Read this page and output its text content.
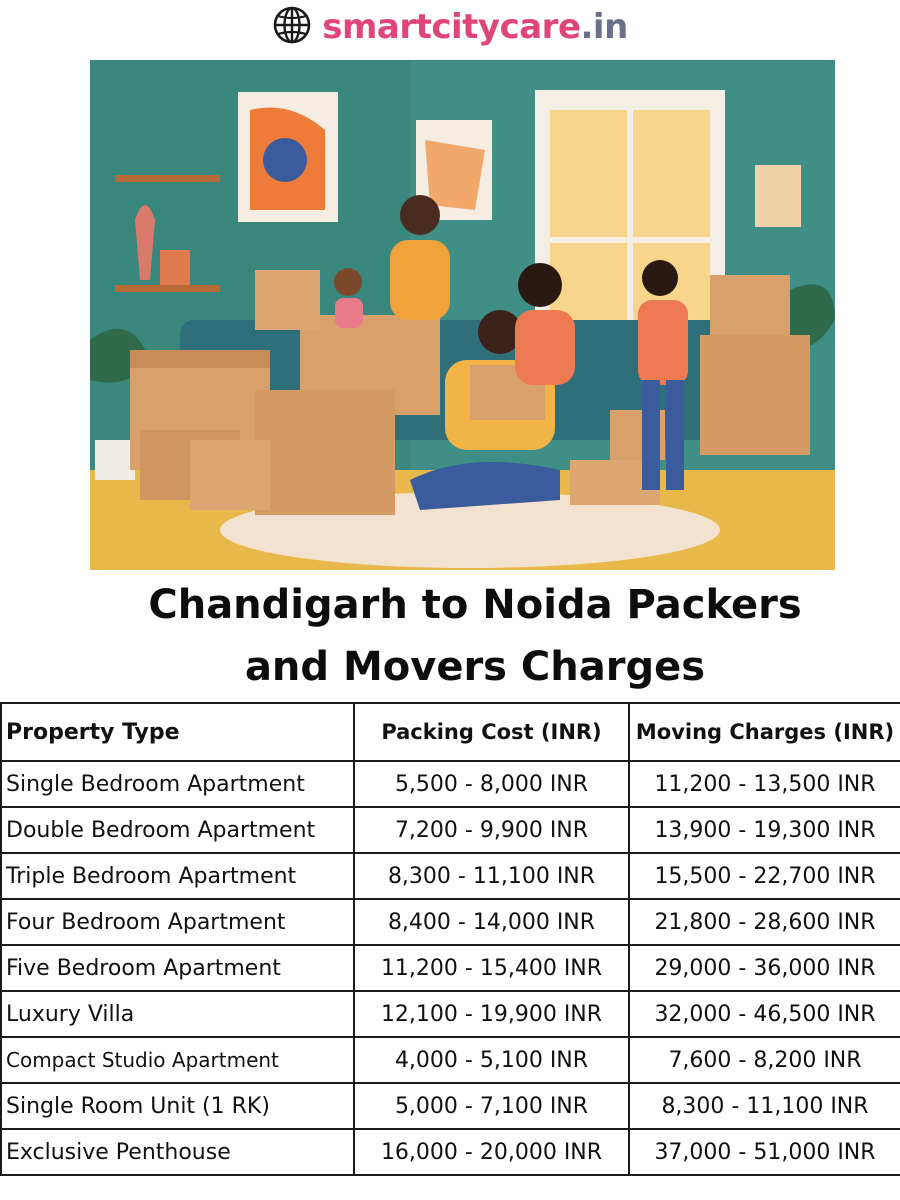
smartcitycare.in
Chandigarh to Noida Packers
and Movers Charges
Property Type	Packing Cost (INR)	Moving Charges (INR)
Single Bedroom Apartment	5,500 - 8,000 INR	11,200 - 13,500 INR
Double Bedroom Apartment	7,200 - 9,900 INR	13,900 - 19,300 INR
Triple Bedroom Apartment	8,300 - 11,100 INR	15,500 - 22,700 INR
Four Bedroom Apartment	8,400 - 14,000 INR	21,800 - 28,600 INR
Five Bedroom Apartment	11,200 - 15,400 INR	29,000 - 36,000 INR
Luxury Villa	12,100 - 19,900 INR	32,000 - 46,500 INR
Compact Studio Apartment	4,000 - 5,100 INR	7,600 - 8,200 INR
Single Room Unit (1 RK)	5,000 - 7,100 INR	8,300 - 11,100 INR
Exclusive Penthouse	16,000 - 20,000 INR	37,000 - 51,000 INR
